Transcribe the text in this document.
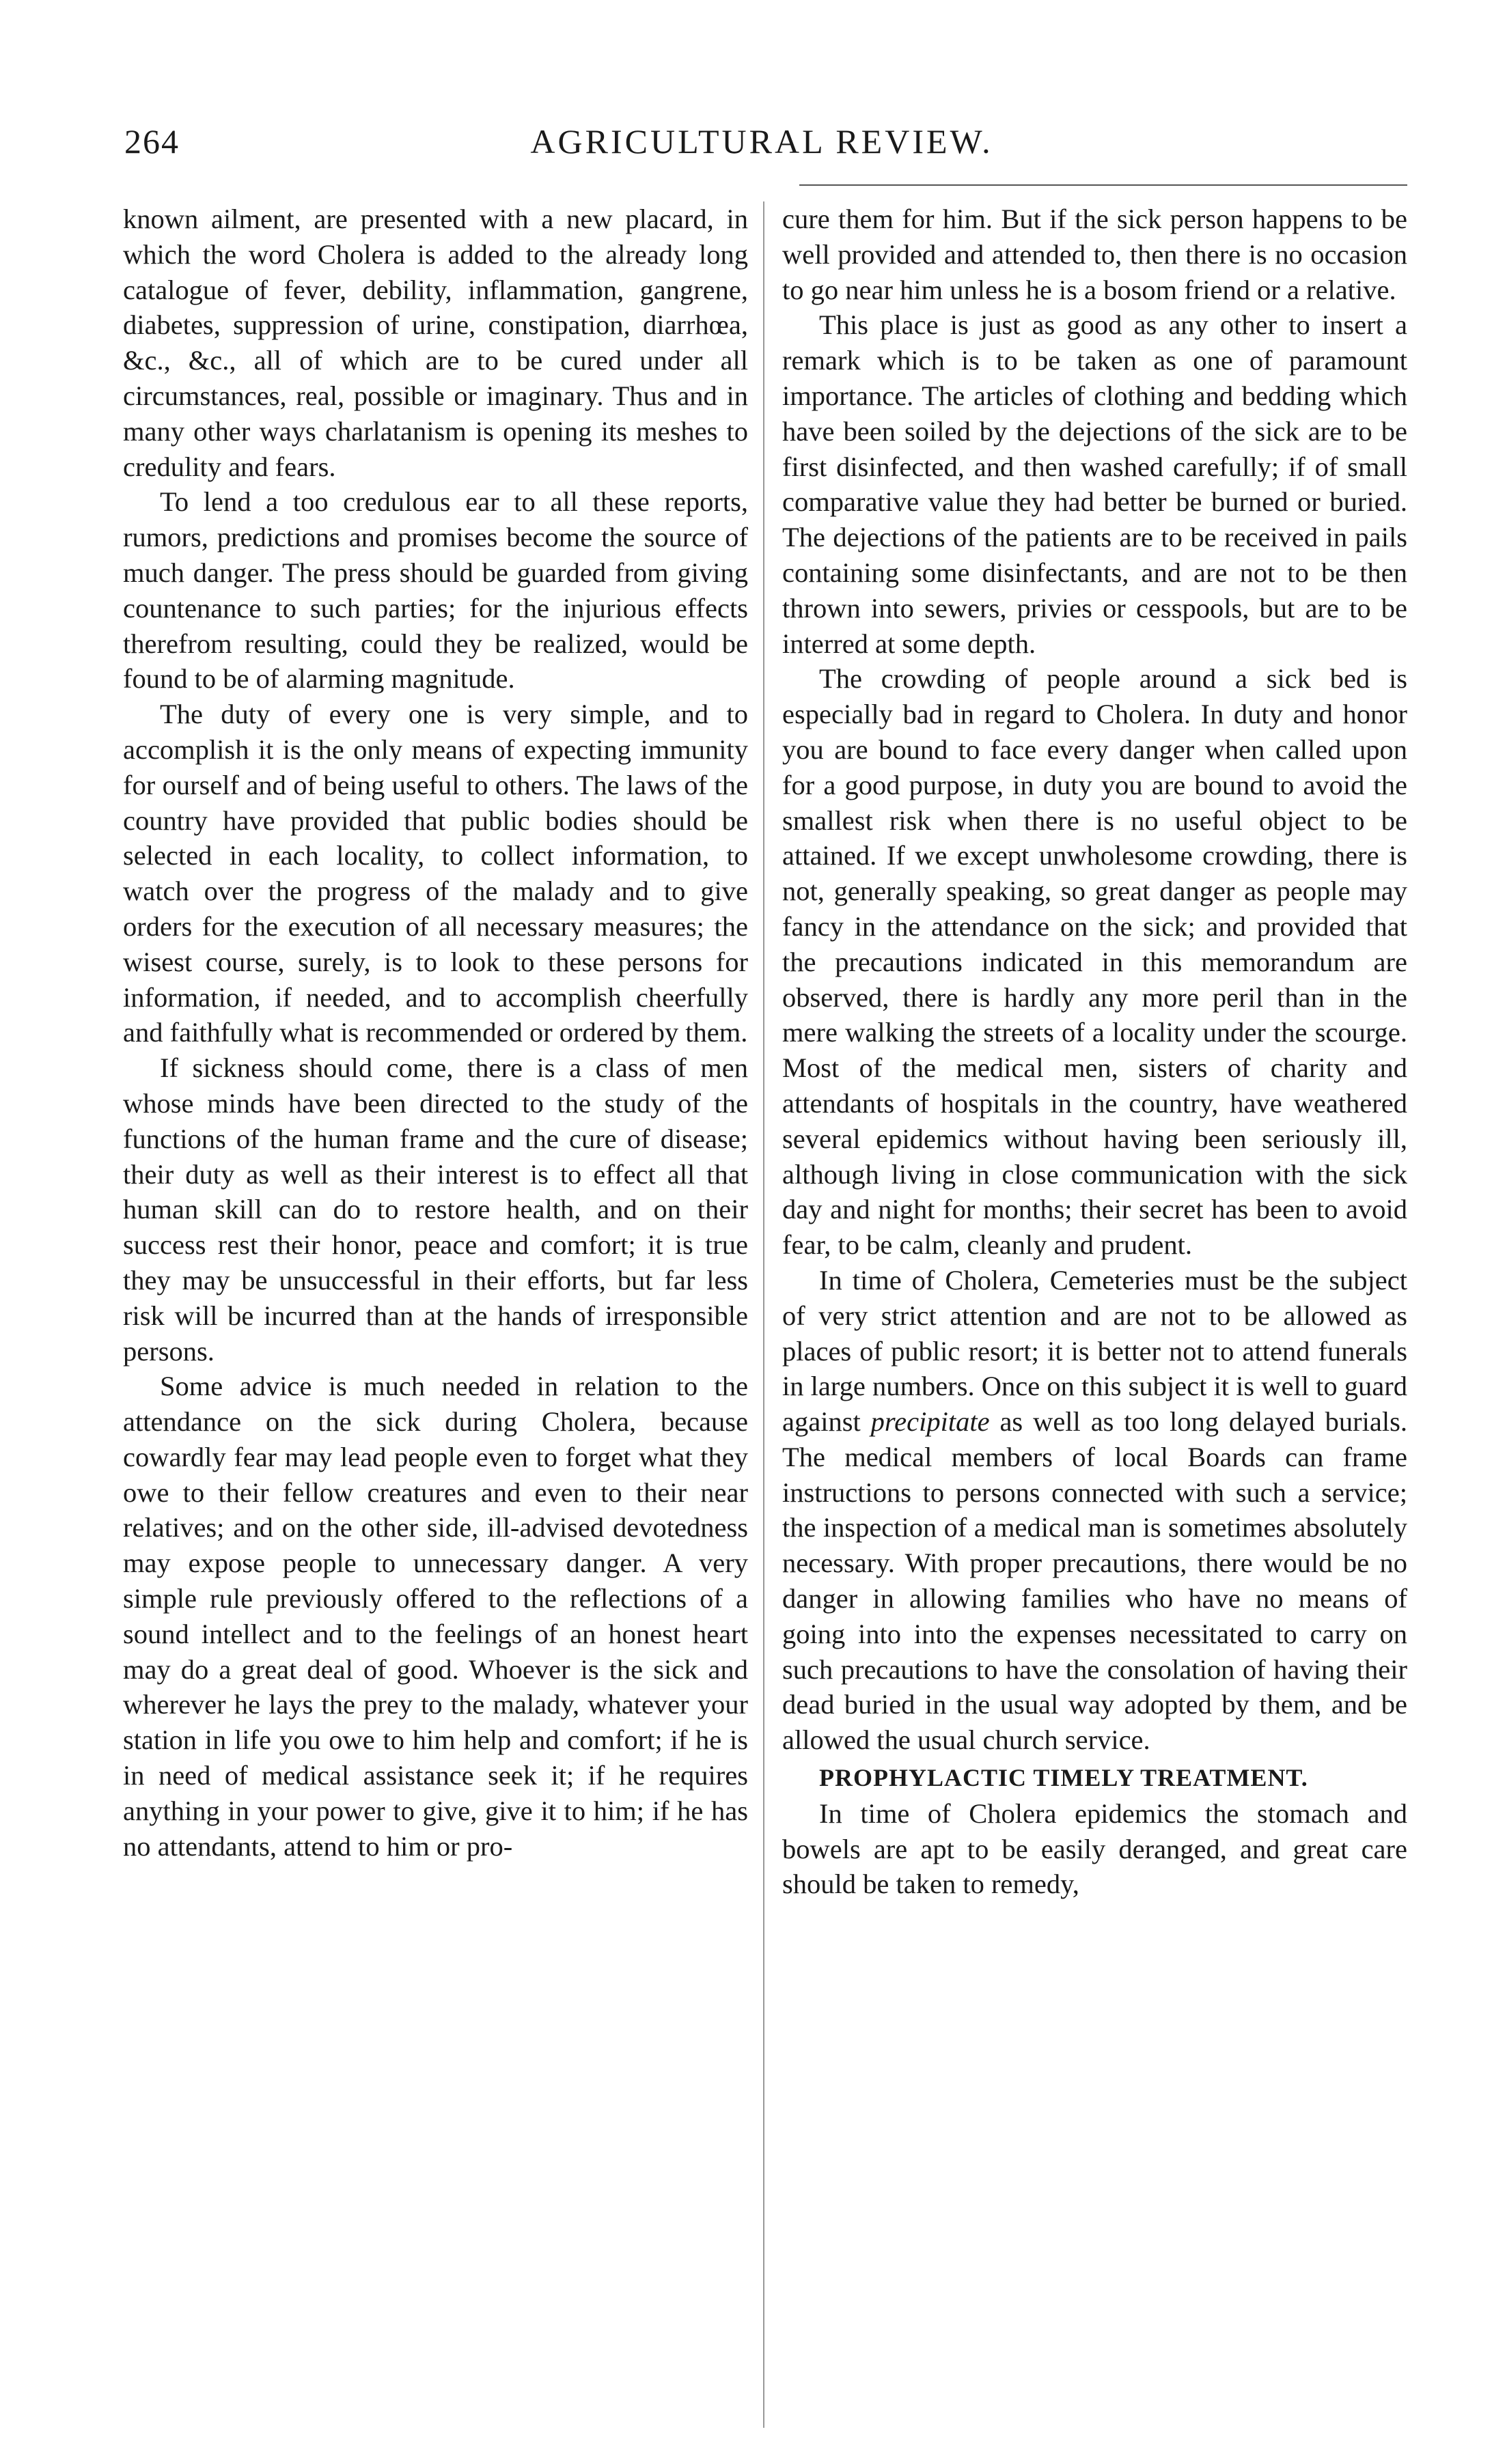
264	AGRICULTURAL REVIEW.

known ailment, are presented with a new placard, in which the word Cholera is added to the already long catalogue of fever, debility, inflammation, gangrene, diabetes, suppression of urine, constipation, diarrhœa, &c., &c., all of which are to be cured under all circumstances, real, possible or imaginary. Thus and in many other ways charlatanism is opening its meshes to credulity and fears.

To lend a too credulous ear to all these reports, rumors, predictions and promises become the source of much danger. The press should be guarded from giving countenance to such parties; for the injurious effects therefrom resulting, could they be realized, would be found to be of alarming magnitude.

The duty of every one is very simple, and to accomplish it is the only means of expecting immunity for ourself and of being useful to others. The laws of the country have provided that public bodies should be selected in each locality, to collect information, to watch over the progress of the malady and to give orders for the execution of all necessary measures; the wisest course, surely, is to look to these persons for information, if needed, and to accomplish cheerfully and faithfully what is recommended or ordered by them.

If sickness should come, there is a class of men whose minds have been directed to the study of the functions of the human frame and the cure of disease; their duty as well as their interest is to effect all that human skill can do to restore health, and on their success rest their honor, peace and comfort; it is true they may be unsuccessful in their efforts, but far less risk will be incurred than at the hands of irresponsible persons.

Some advice is much needed in relation to the attendance on the sick during Cholera, because cowardly fear may lead people even to forget what they owe to their fellow creatures and even to their near relatives; and on the other side, ill-advised devotedness may expose people to unnecessary danger. A very simple rule previously offered to the reflections of a sound intellect and to the feelings of an honest heart may do a great deal of good. Whoever is the sick and wherever he lays the prey to the malady, whatever your station in life you owe to him help and comfort; if he is in need of medical assistance seek it; if he requires anything in your power to give, give it to him; if he has no attendants, attend to him or pro-

cure them for him. But if the sick person happens to be well provided and attended to, then there is no occasion to go near him unless he is a bosom friend or a relative.

This place is just as good as any other to insert a remark which is to be taken as one of paramount importance. The articles of clothing and bedding which have been soiled by the dejections of the sick are to be first disinfected, and then washed carefully; if of small comparative value they had better be burned or buried. The dejections of the patients are to be received in pails containing some disinfectants, and are not to be then thrown into sewers, privies or cesspools, but are to be interred at some depth.

The crowding of people around a sick bed is especially bad in regard to Cholera. In duty and honor you are bound to face every danger when called upon for a good purpose, in duty you are bound to avoid the smallest risk when there is no useful object to be attained. If we except unwholesome crowding, there is not, generally speaking, so great danger as people may fancy in the attendance on the sick; and provided that the precautions indicated in this memorandum are observed, there is hardly any more peril than in the mere walking the streets of a locality under the scourge. Most of the medical men, sisters of charity and attendants of hospitals in the country, have weathered several epidemics without having been seriously ill, although living in close communication with the sick day and night for months; their secret has been to avoid fear, to be calm, cleanly and prudent.

In time of Cholera, Cemeteries must be the subject of very strict attention and are not to be allowed as places of public resort; it is better not to attend funerals in large numbers. Once on this subject it is well to guard against precipitate as well as too long delayed burials. The medical members of local Boards can frame instructions to persons connected with such a service; the inspection of a medical man is sometimes absolutely necessary. With proper precautions, there would be no danger in allowing families who have no means of going into into the expenses necessitated to carry on such precautions to have the consolation of having their dead buried in the usual way adopted by them, and be allowed the usual church service.

PROPHYLACTIC TIMELY TREATMENT.

In time of Cholera epidemics the stomach and bowels are apt to be easily deranged, and great care should be taken to remedy,
